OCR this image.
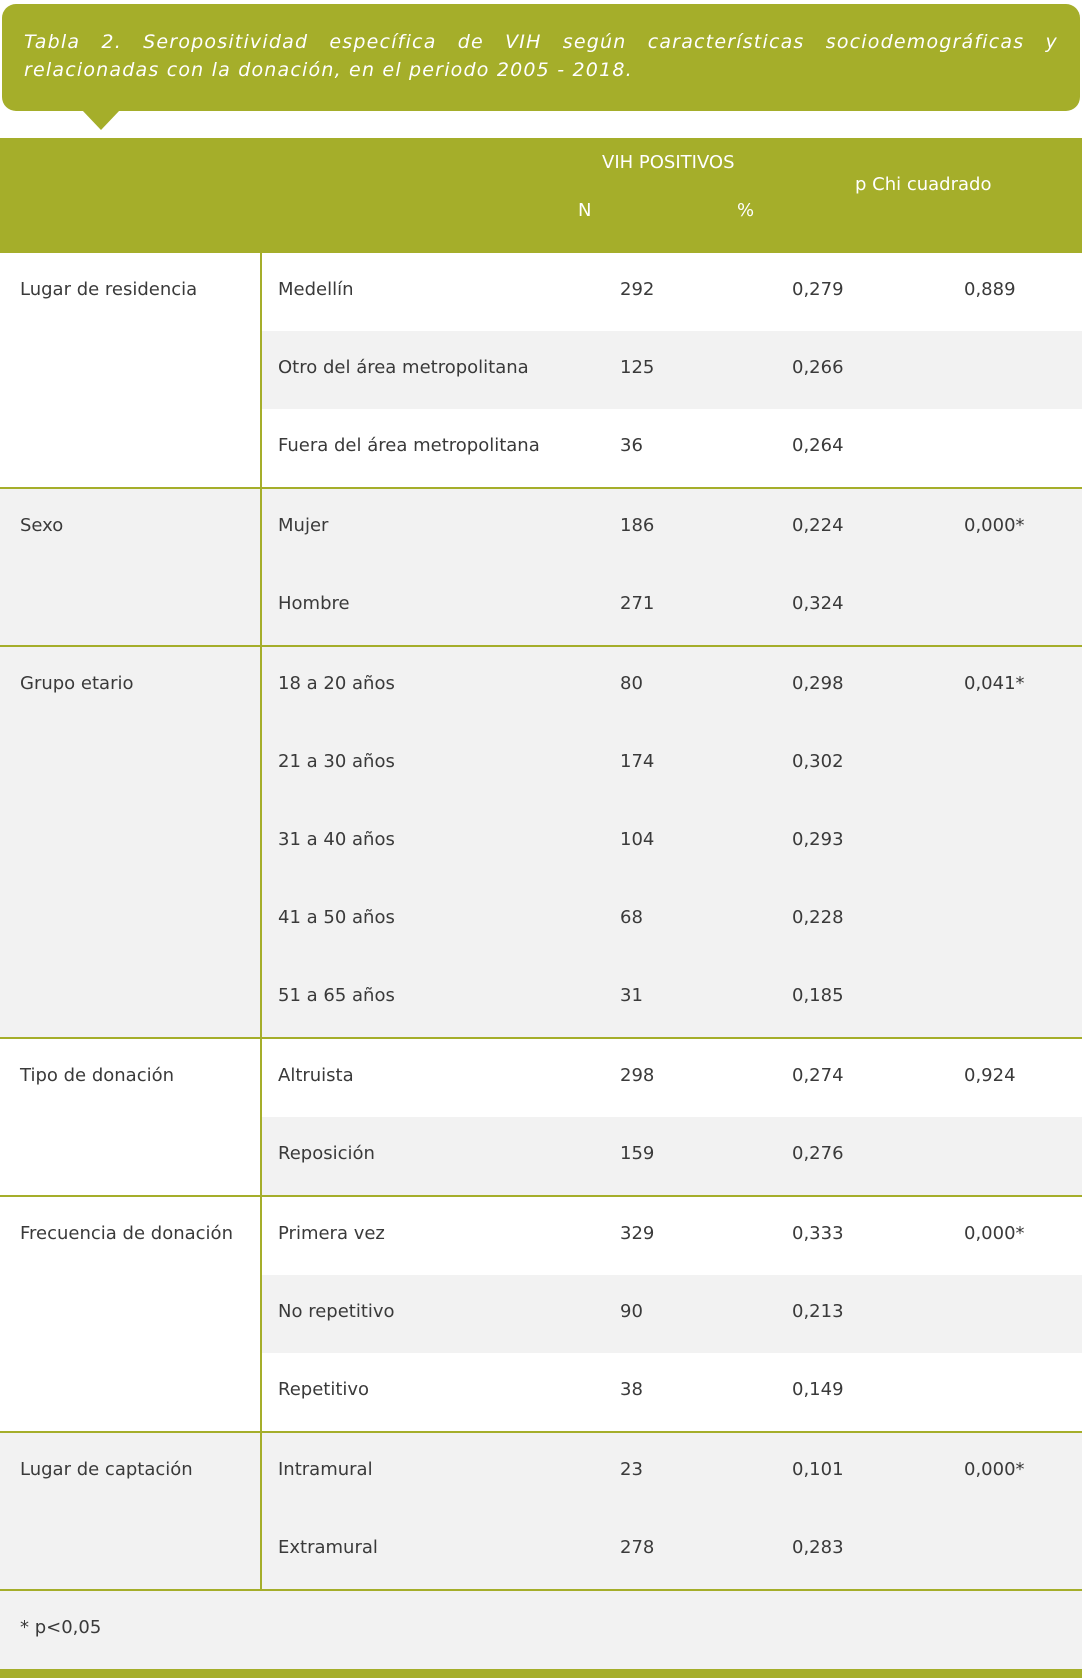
Tabla 2. Seropositividad específica de VIH según características sociodemográficas y relacionadas con la donación, en el periodo 2005 - 2018.
VIH POSITIVOS
N	%
p Chi cuadrado
Lugar de residencia	Medellín	292	0,279	0,889
Otro del área metropolitana	125	0,266
Fuera del área metropolitana	36	0,264
Sexo	Mujer	186	0,224	0,000*
Hombre	271	0,324
Grupo etario	18 a 20 años	80	0,298	0,041*
21 a 30 años	174	0,302
31 a 40 años	104	0,293
41 a 50 años	68	0,228
51 a 65 años	31	0,185
Tipo de donación	Altruista	298	0,274	0,924
Reposición	159	0,276
Frecuencia de donación	Primera vez	329	0,333	0,000*
No repetitivo	90	0,213
Repetitivo	38	0,149
Lugar de captación	Intramural	23	0,101	0,000*
Extramural	278	0,283
* p<0,05
